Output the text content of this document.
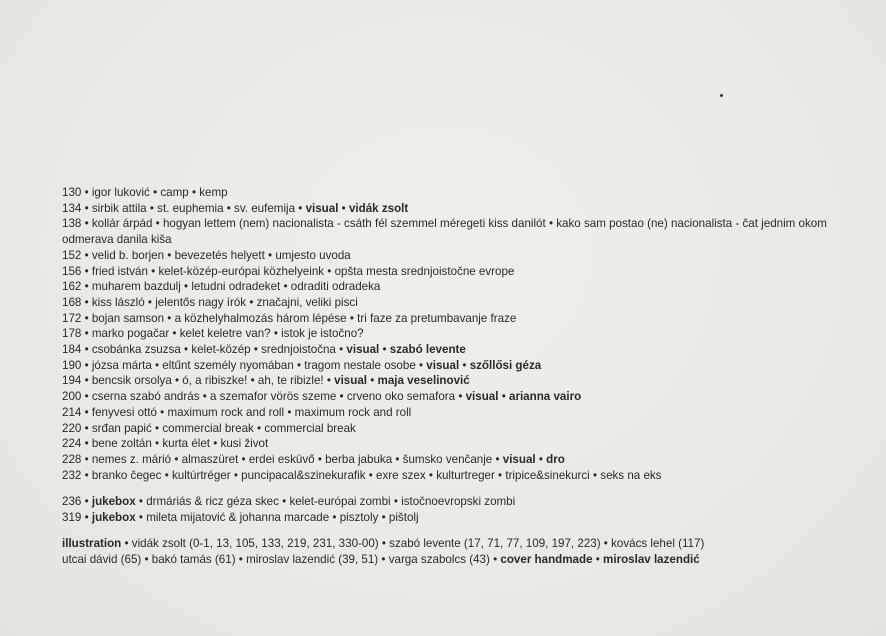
130 • igor luković • camp • kemp
134 • sirbik attila • st. euphemia • sv. eufemija • visual • vidák zsolt
138 • kollár árpád • hogyan lettem (nem) nacionalista - csáth fél szemmel méregeti kiss danilót • kako sam postao (ne) nacionalista - čat jednim okom odmerava danila kiša
152 • velid b. borjen • bevezetés helyett • umjesto uvoda
156 • fried istván • kelet-közép-európai közhelyeink • opšta mesta srednjoistočne evrope
162 • muharem bazdulj • letudni odradeket • odraditi odradeka
168 • kiss lászló • jelentős nagy írók • značajni, veliki pisci
172 • bojan samson • a közhelyhalmozás három lépése • tri faze za pretumbavanje fraze
178 • marko pogačar • kelet keletre van? • istok je istočno?
184 • csobánka zsuzsa • kelet-közép • srednjoistočna • visual • szabó levente
190 • józsa márta • eltűnt személy nyomában • tragom nestale osobe • visual • szőllősi géza
194 • bencsik orsolya • ó, a ribiszke! • ah, te ribizle! • visual • maja veselinović
200 • cserna szabó andrás • a szemafor vörös szeme • crveno oko semafora • visual • arianna vairo
214 • fenyvesi ottó • maximum rock and roll • maximum rock and roll
220 • srđan papić • commercial break • commercial break
224 • bene zoltán • kurta élet • kusi život
228 • nemes z. márió • almaszüret • erdei esküvő • berba jabuka • šumsko venčanje • visual • dro
232 • branko čegec • kultúrtréger • puncipacal&szinekurafik • exre szex • kulturtreger • tripice&sinekurci • seks na eks
236 • jukebox • drmáriás & ricz géza skec • kelet-európai zombi • istočnoevropski zombi
319 • jukebox • mileta mijatović & johanna marcade • pisztoly • pištolj
illustration • vidák zsolt (0-1, 13, 105, 133, 219, 231, 330-00) • szabó levente (17, 71, 77, 109, 197, 223) • kovács lehel (117)
utcai dávid (65) • bakó tamás (61) • miroslav lazendić (39, 51) • varga szabolcs (43) • cover handmade • miroslav lazendić
